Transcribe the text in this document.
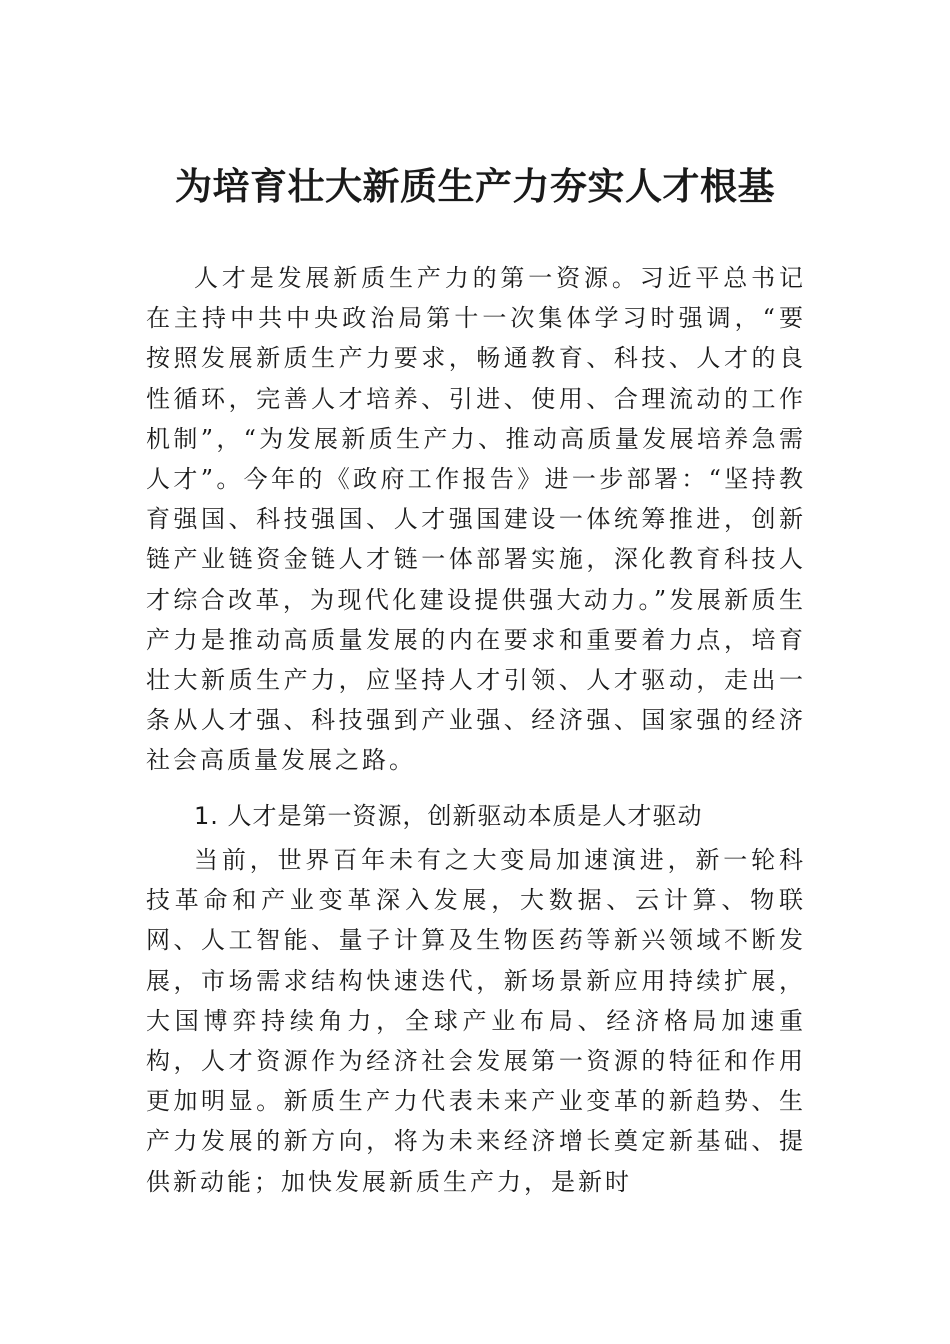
为培育壮大新质生产力夯实人才根基

人才是发展新质生产力的第一资源。习近平总书记在主持中共中央政治局第十一次集体学习时强调，“要按照发展新质生产力要求，畅通教育、科技、人才的良性循环，完善人才培养、引进、使用、合理流动的工作机制”，“为发展新质生产力、推动高质量发展培养急需人才”。今年的《政府工作报告》进一步部署：“坚持教育强国、科技强国、人才强国建设一体统筹推进，创新链产业链资金链人才链一体部署实施，深化教育科技人才综合改革，为现代化建设提供强大动力。”发展新质生产力是推动高质量发展的内在要求和重要着力点，培育壮大新质生产力，应坚持人才引领、人才驱动，走出一条从人才强、科技强到产业强、经济强、国家强的经济社会高质量发展之路。

1. 人才是第一资源，创新驱动本质是人才驱动

当前，世界百年未有之大变局加速演进，新一轮科技革命和产业变革深入发展，大数据、云计算、物联网、人工智能、量子计算及生物医药等新兴领域不断发展，市场需求结构快速迭代，新场景新应用持续扩展，大国博弈持续角力，全球产业布局、经济格局加速重构，人才资源作为经济社会发展第一资源的特征和作用更加明显。新质生产力代表未来产业变革的新趋势、生产力发展的新方向，将为未来经济增长奠定新基础、提供新动能；加快发展新质生产力，是新时
